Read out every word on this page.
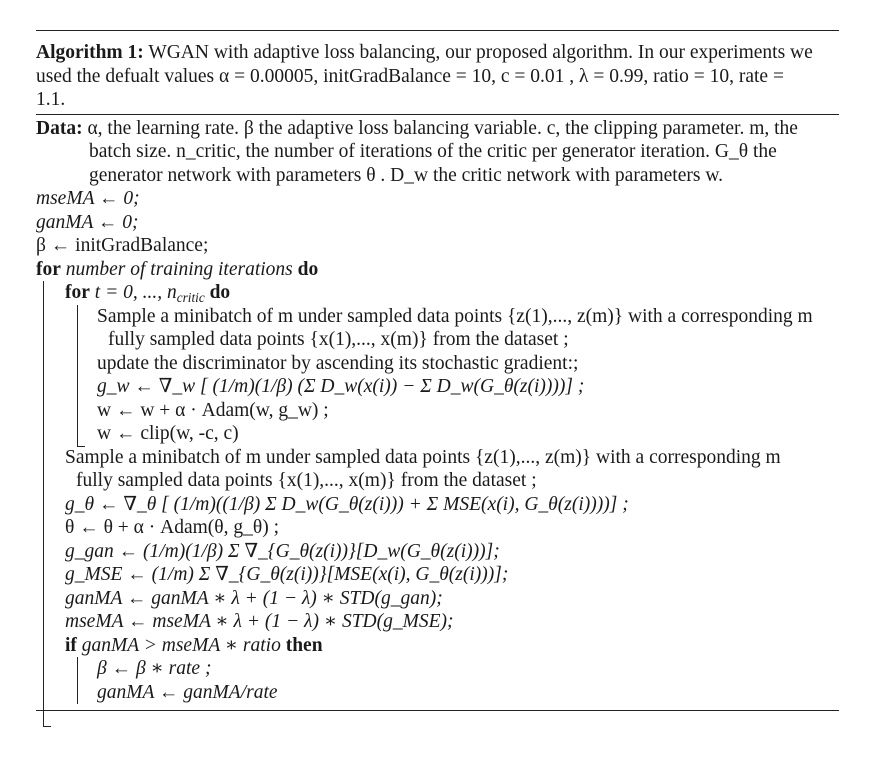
Algorithm 1: WGAN with adaptive loss balancing, our proposed algorithm. In our experiments we
used the defualt values α = 0.00005, initGradBalance = 10, c = 0.01 , λ = 0.99, ratio = 10, rate =
1.1.
Data: α, the learning rate. β the adaptive loss balancing variable. c, the clipping parameter. m, the
batch size. n_critic, the number of iterations of the critic per generator iteration. G_θ the
generator network with parameters θ . D_w the critic network with parameters w.
mseMA ← 0;
ganMA ← 0;
β ← initGradBalance;
for number of training iterations do
for t = 0, ..., $n_{critic}$ do
Sample a minibatch of m under sampled data points {z(1),..., z(m)} with a corresponding m
fully sampled data points {x(1),..., x(m)} from the dataset ;
update the discriminator by ascending its stochastic gradient:;
g_w ← ∇_w [ (1/m)(1/β) (Σ D_w(x(i)) − Σ D_w(G_θ(z(i))))] ;
w ← w + α · Adam(w, g_w) ;
w ← clip(w, -c, c)
Sample a minibatch of m under sampled data points {z(1),..., z(m)} with a corresponding m
fully sampled data points {x(1),..., x(m)} from the dataset ;
g_θ ← ∇_θ [ (1/m)((1/β) Σ D_w(G_θ(z(i))) + Σ MSE(x(i), G_θ(z(i))))] ;
θ ← θ + α · Adam(θ, g_θ) ;
g_gan ← (1/m)(1/β) Σ ∇_{G_θ(z(i))}[D_w(G_θ(z(i)))];
g_MSE ← (1/m) Σ ∇_{G_θ(z(i))}[MSE(x(i), G_θ(z(i)))];
ganMA ← ganMA ∗ λ + (1 − λ) ∗ STD(g_gan);
mseMA ← mseMA ∗ λ + (1 − λ) ∗ STD(g_MSE);
if ganMA > mseMA ∗ ratio then
β ← β ∗ rate ;
ganMA ← ganMA/rate
